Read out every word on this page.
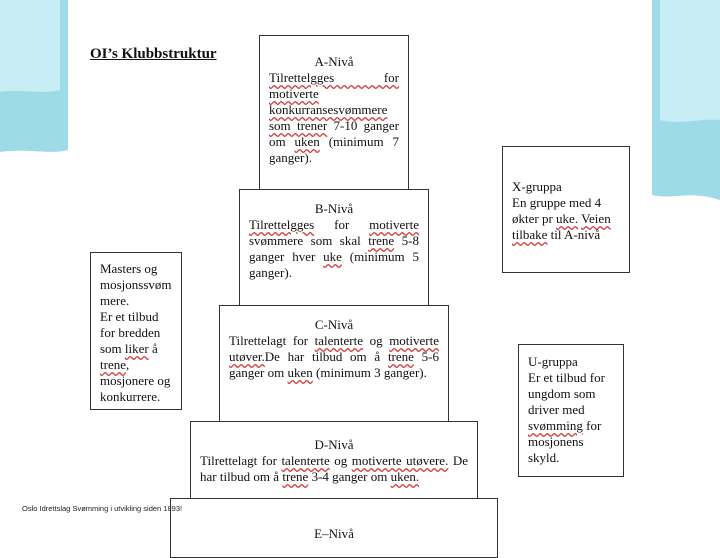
OI’s Klubbstruktur	A-Nivå
Tilrettelgges for motiverte konkurransesvømmere som trener 7-10 ganger om uken (minimum 7 ganger).
B-Nivå
Tilrettelgges for motiverte svømmere som skal trene 5-8 ganger hver uke (minimum 5 ganger).
C-Nivå
Tilrettelagt for talenterte og motiverte utøver.De har tilbud om å trene 5-6 ganger om uken (minimum 3 ganger).
D-Nivå
Tilrettelagt for talenterte og motiverte utøvere. De har tilbud om å trene 3-4 ganger om uken.
E–Nivå
Masters og mosjonssvøm mere.
Er et tilbud for bredden som liker å trene, mosjonere og konkurrere.
X-gruppa
En gruppe med 4 økter pr uke. Veien tilbake til A-nivå
U-gruppa
Er et tilbud for ungdom som driver med svømming for mosjonens skyld.
Oslo Idrettslag Svømming i utvikling siden 1893!
